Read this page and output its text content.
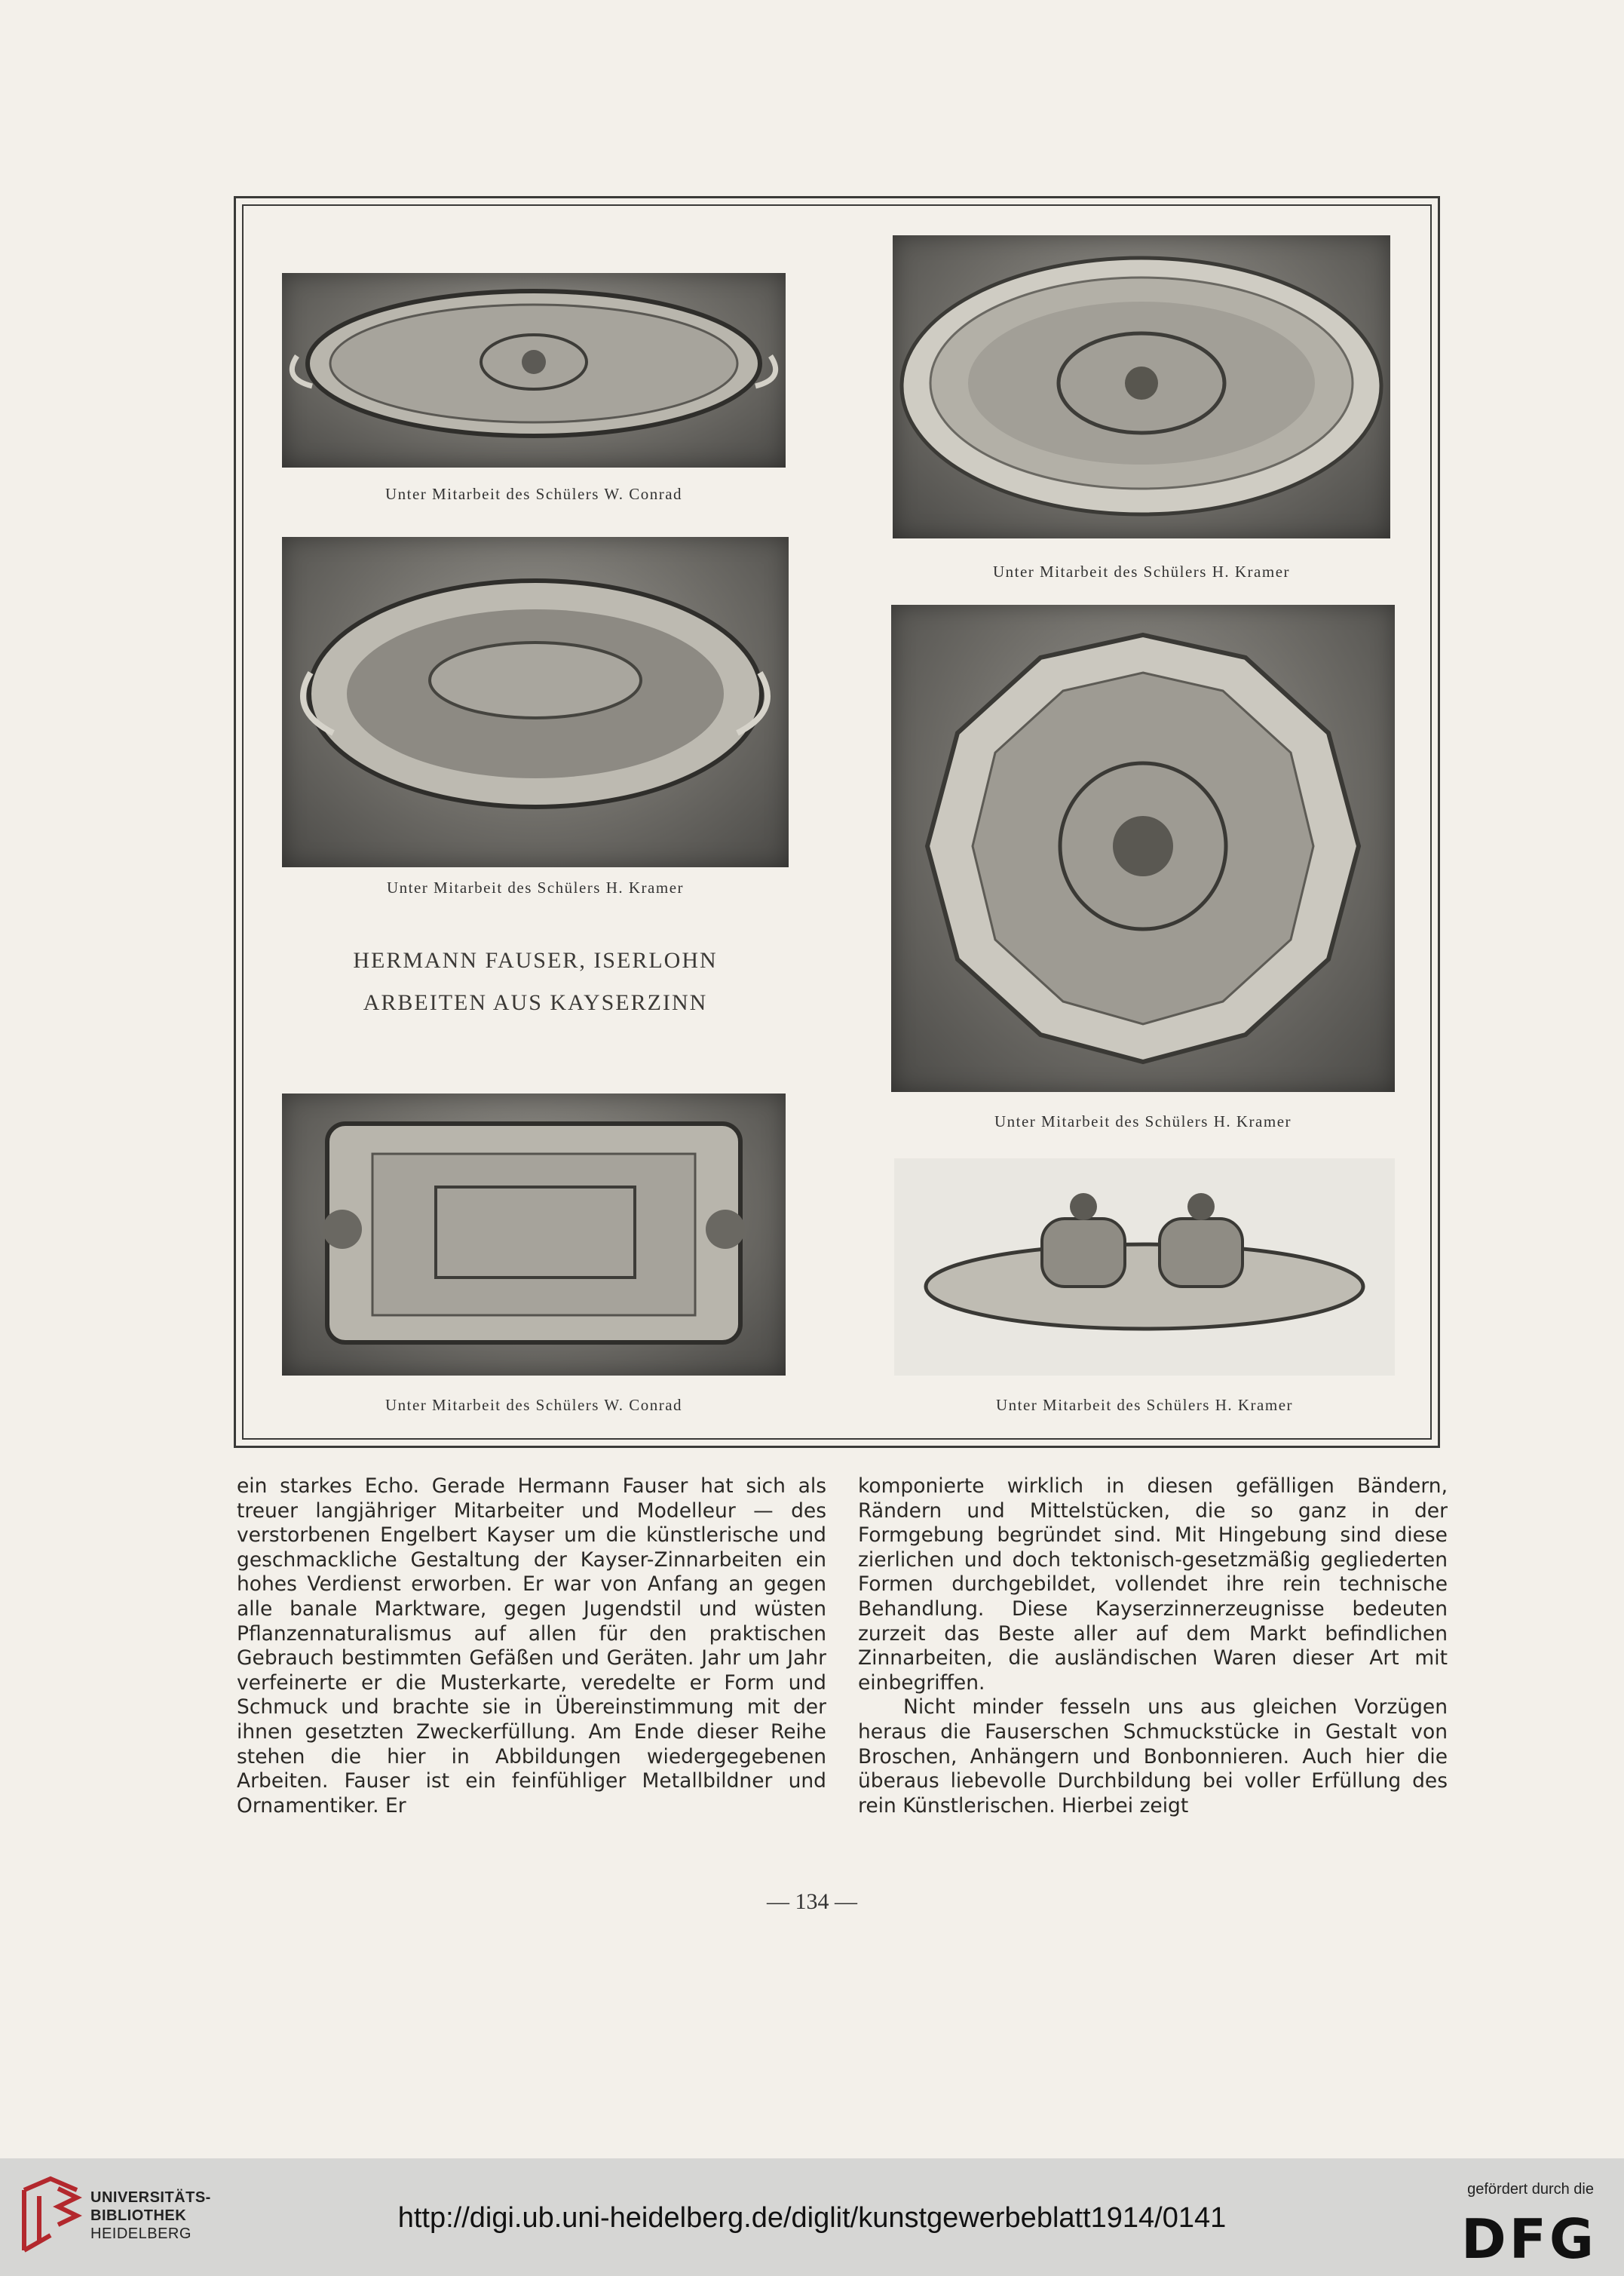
Unter Mitarbeit des Schülers W. Conrad
Unter Mitarbeit des Schülers H. Kramer
Unter Mitarbeit des Schülers H. Kramer
HERMANN FAUSER, ISERLOHN
ARBEITEN AUS KAYSERZINN
Unter Mitarbeit des Schülers H. Kramer
Unter Mitarbeit des Schülers W. Conrad	Unter Mitarbeit des Schülers H. Kramer

ein starkes Echo. Gerade Hermann Fauser hat sich als treuer langjähriger Mitarbeiter und Modelleur — des verstorbenen Engelbert Kayser um die künstlerische und geschmackliche Gestaltung der Kayser-Zinnarbeiten ein hohes Verdienst erworben. Er war von Anfang an gegen alle banale Marktware, gegen Jugendstil und wüsten Pflanzennaturalismus auf allen für den praktischen Gebrauch bestimmten Gefäßen und Geräten. Jahr um Jahr verfeinerte er die Musterkarte, veredelte er Form und Schmuck und brachte sie in Übereinstimmung mit der ihnen gesetzten Zweckerfüllung. Am Ende dieser Reihe stehen die hier in Abbildungen wiedergegebenen Arbeiten. Fauser ist ein feinfühliger Metallbildner und Ornamentiker. Er

komponierte wirklich in diesen gefälligen Bändern, Rändern und Mittelstücken, die so ganz in der Formgebung begründet sind. Mit Hingebung sind diese zierlichen und doch tektonisch-gesetzmäßig gegliederten Formen durchgebildet, vollendet ihre rein technische Behandlung. Diese Kayserzinnerzeugnisse bedeuten zurzeit das Beste aller auf dem Markt befindlichen Zinnarbeiten, die ausländischen Waren dieser Art mit einbegriffen.

Nicht minder fesseln uns aus gleichen Vorzügen heraus die Fauserschen Schmuckstücke in Gestalt von Broschen, Anhängern und Bonbonnieren. Auch hier die überaus liebevolle Durchbildung bei voller Erfüllung des rein Künstlerischen. Hierbei zeigt

— 134 —
UNIVERSITÄTS-
BIBLIOTHEK
HEIDELBERG	http://digi.ub.uni-heidelberg.de/diglit/kunstgewerbeblatt1914/0141
gefördert durch die
DFG
